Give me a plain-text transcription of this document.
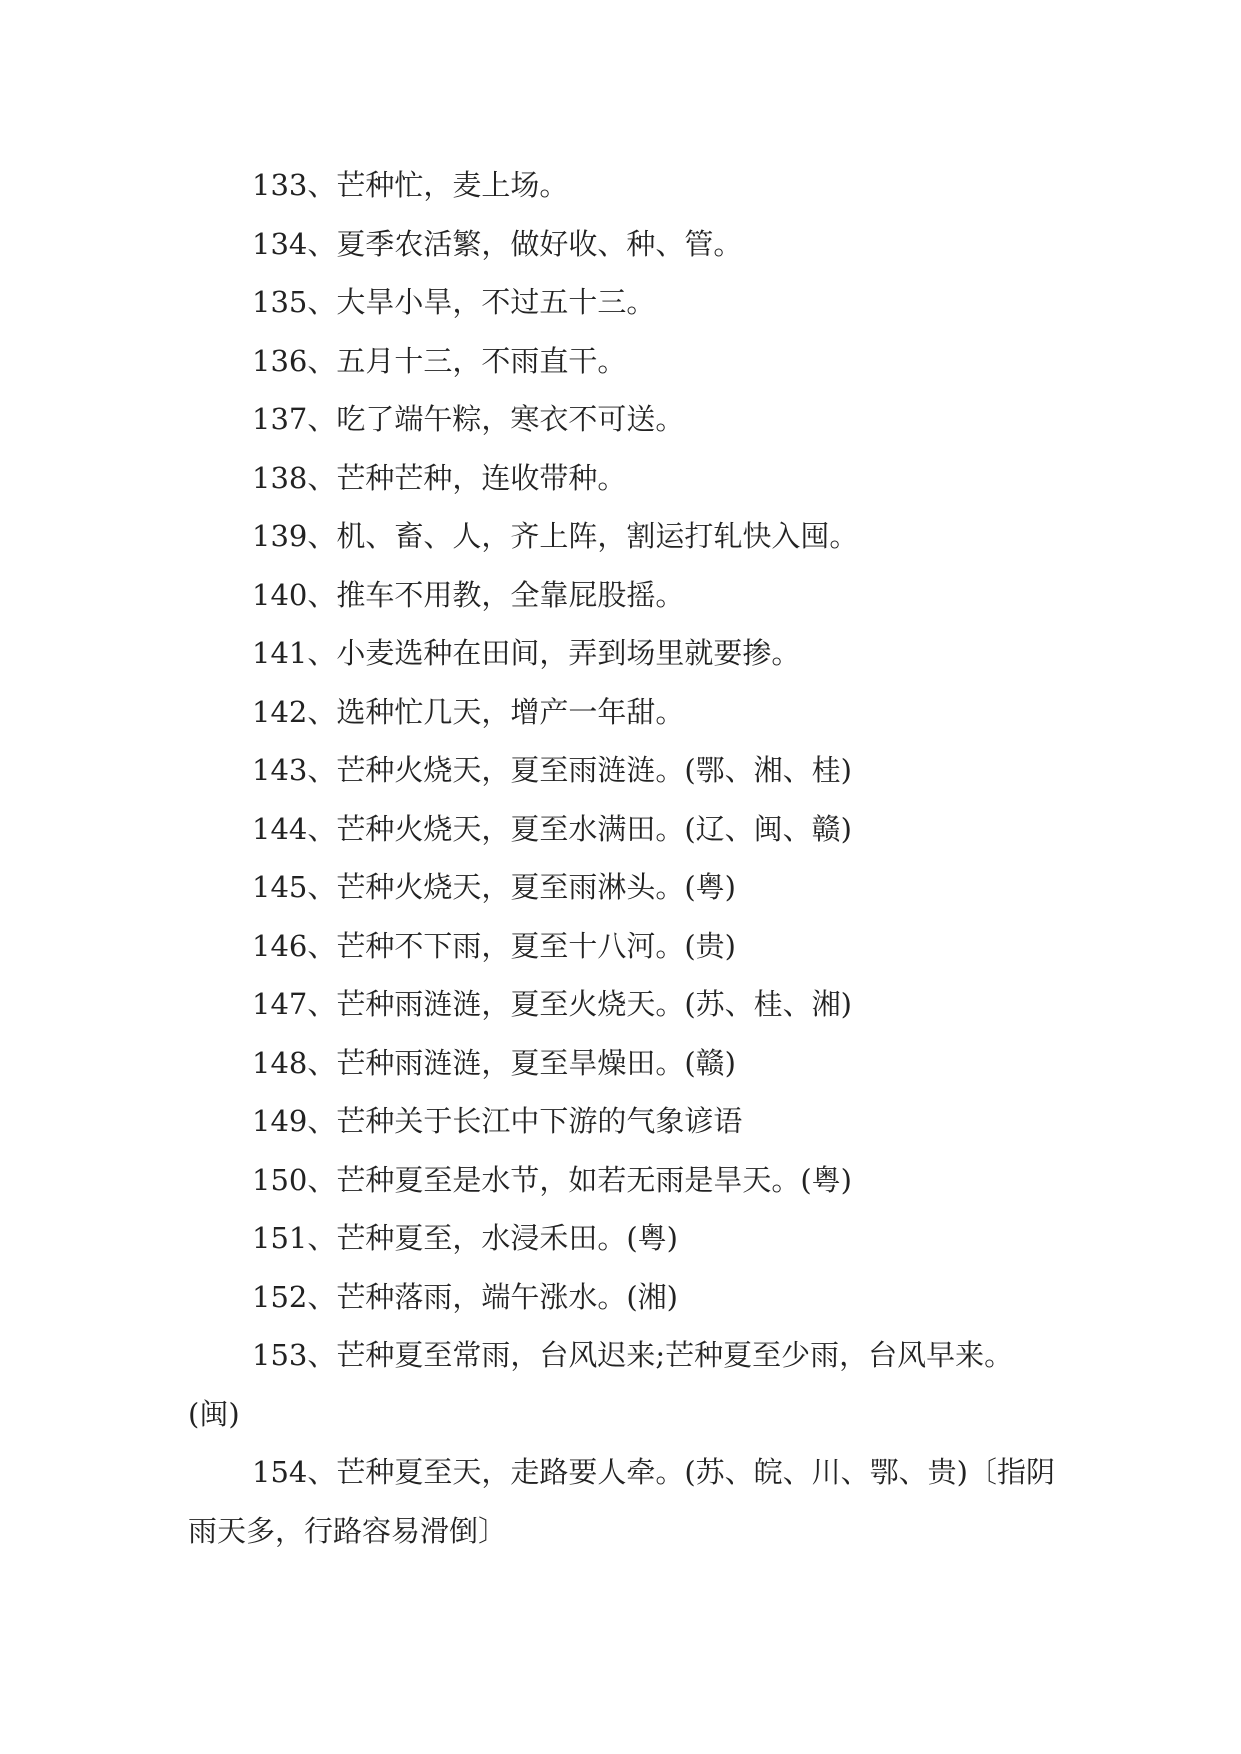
133、芒种忙，麦上场。

134、夏季农活繁，做好收、种、管。

135、大旱小旱，不过五十三。

136、五月十三，不雨直干。

137、吃了端午粽，寒衣不可送。

138、芒种芒种，连收带种。

139、机、畜、人，齐上阵，割运打轧快入囤。

140、推车不用教，全靠屁股摇。

141、小麦选种在田间，弄到场里就要掺。

142、选种忙几天，增产一年甜。

143、芒种火烧天，夏至雨涟涟。(鄂、湘、桂)

144、芒种火烧天，夏至水满田。(辽、闽、赣)

145、芒种火烧天，夏至雨淋头。(粤)

146、芒种不下雨，夏至十八河。(贵)

147、芒种雨涟涟，夏至火烧天。(苏、桂、湘)

148、芒种雨涟涟，夏至旱燥田。(赣)

149、芒种关于长江中下游的气象谚语

150、芒种夏至是水节，如若无雨是旱天。(粤)

151、芒种夏至，水浸禾田。(粤)

152、芒种落雨，端午涨水。(湘)

153、芒种夏至常雨，台风迟来;芒种夏至少雨，台风早来。(闽)

154、芒种夏至天，走路要人牵。(苏、皖、川、鄂、贵)〔指阴雨天多，行路容易滑倒〕
